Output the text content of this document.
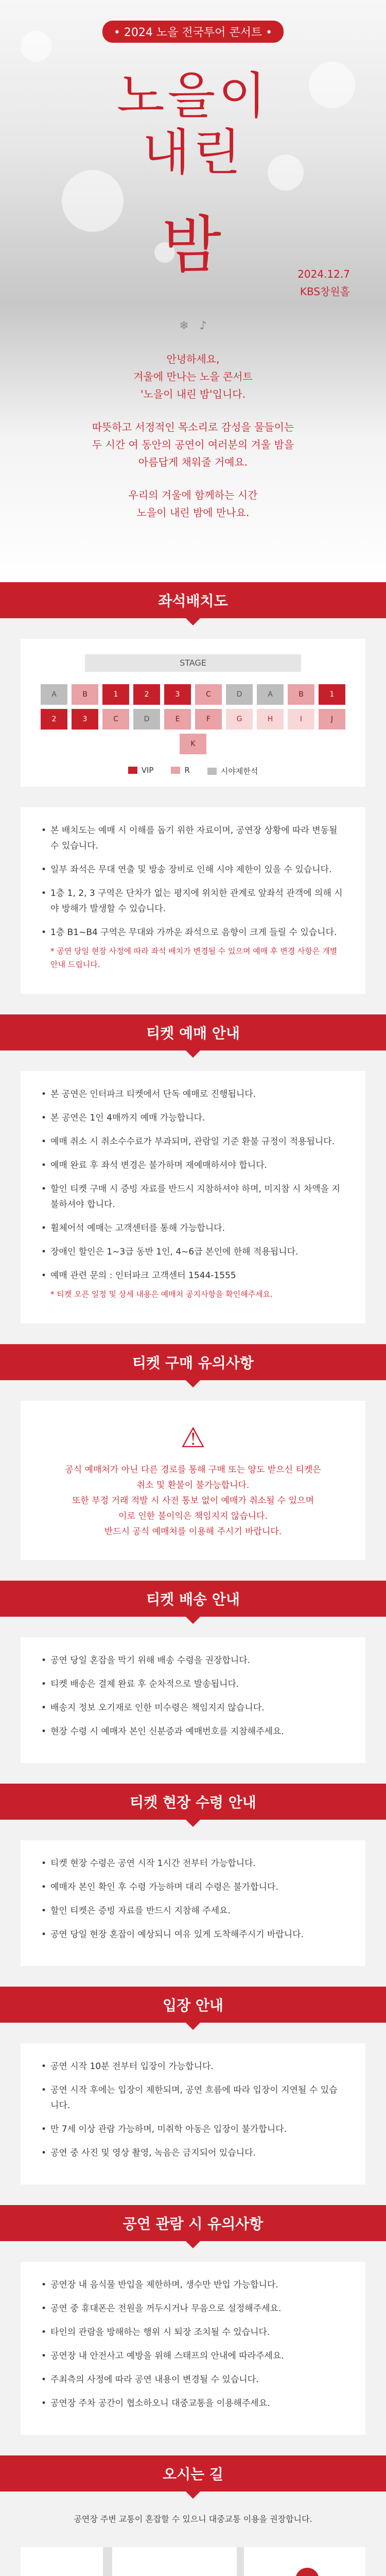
• 2024 노을 전국투어 콘서트 •
노을이
내린
밤	2024.12.7
KBS창원홀
❄ ♪
안녕하세요,
겨울에 만나는 노을 콘서트
'노을이 내린 밤'입니다.
따뜻하고 서정적인 목소리로 감성을 물들이는
두 시간 여 동안의 공연이 여러분의 겨울 밤을
아름답게 채워줄 거예요.
우리의 겨울에 함께하는 시간
노을이 내린 밤에 만나요.
좌석배치도
STAGE
A	B	1	2	3	C	D	A	B	1
2	3	C	D	E	F	G	H	I	J
K
VIP	R	시야제한석
• 본 배치도는 예매 시 이해를 돕기 위한 자료이며, 공연장 상황에 따라 변동될 수 있습니다.
• 일부 좌석은 무대 연출 및 방송 장비로 인해 시야 제한이 있을 수 있습니다.
• 1층 1, 2, 3 구역은 단차가 없는 평지에 위치한 관계로 앞좌석 관객에 의해 시야 방해가 발생할 수 있습니다.
• 1층 B1~B4 구역은 무대와 가까운 좌석으로 음향이 크게 들릴 수 있습니다.
* 공연 당일 현장 사정에 따라 좌석 배치가 변경될 수 있으며 예매 후 변경 사항은 개별 안내 드립니다.
티켓 예매 안내
• 본 공연은 인터파크 티켓에서 단독 예매로 진행됩니다.
• 본 공연은 1인 4매까지 예매 가능합니다.
• 예매 취소 시 취소수수료가 부과되며, 관람일 기준 환불 규정이 적용됩니다.
• 예매 완료 후 좌석 변경은 불가하며 재예매하셔야 합니다.
• 할인 티켓 구매 시 증빙 자료를 반드시 지참하셔야 하며, 미지참 시 차액을 지불하셔야 합니다.
• 휠체어석 예매는 고객센터를 통해 가능합니다.
• 장애인 할인은 1~3급 동반 1인, 4~6급 본인에 한해 적용됩니다.
• 예매 관련 문의 : 인터파크 고객센터 1544-1555
* 티켓 오픈 일정 및 상세 내용은 예매처 공지사항을 확인해주세요.
티켓 구매 유의사항
⚠

공식 예매처가 아닌 다른 경로를 통해 구매 또는 양도 받으신 티켓은

취소 및 환불이 불가능합니다.

또한 부정 거래 적발 시 사전 통보 없이 예매가 취소될 수 있으며

이로 인한 불이익은 책임지지 않습니다.

반드시 공식 예매처를 이용해 주시기 바랍니다.

티켓 배송 안내
• 공연 당일 혼잡을 막기 위해 배송 수령을 권장합니다.
• 티켓 배송은 결제 완료 후 순차적으로 발송됩니다.
• 배송지 정보 오기재로 인한 미수령은 책임지지 않습니다.
• 현장 수령 시 예매자 본인 신분증과 예매번호를 지참해주세요.
티켓 현장 수령 안내
• 티켓 현장 수령은 공연 시작 1시간 전부터 가능합니다.
• 예매자 본인 확인 후 수령 가능하며 대리 수령은 불가합니다.
• 할인 티켓은 증빙 자료를 반드시 지참해 주세요.
• 공연 당일 현장 혼잡이 예상되니 여유 있게 도착해주시기 바랍니다.
입장 안내
• 공연 시작 10분 전부터 입장이 가능합니다.
• 공연 시작 후에는 입장이 제한되며, 공연 흐름에 따라 입장이 지연될 수 있습니다.
• 만 7세 이상 관람 가능하며, 미취학 아동은 입장이 불가합니다.
• 공연 중 사진 및 영상 촬영, 녹음은 금지되어 있습니다.
공연 관람 시 유의사항
• 공연장 내 음식물 반입을 제한하며, 생수만 반입 가능합니다.
• 공연 중 휴대폰은 전원을 꺼두시거나 무음으로 설정해주세요.
• 타인의 관람을 방해하는 행위 시 퇴장 조치될 수 있습니다.
• 공연장 내 안전사고 예방을 위해 스태프의 안내에 따라주세요.
• 주최측의 사정에 따라 공연 내용이 변경될 수 있습니다.
• 공연장 주차 공간이 협소하오니 대중교통을 이용해주세요.
오시는 길
공연장 주변 교통이 혼잡할 수 있으니 대중교통 이용을 권장합니다.
